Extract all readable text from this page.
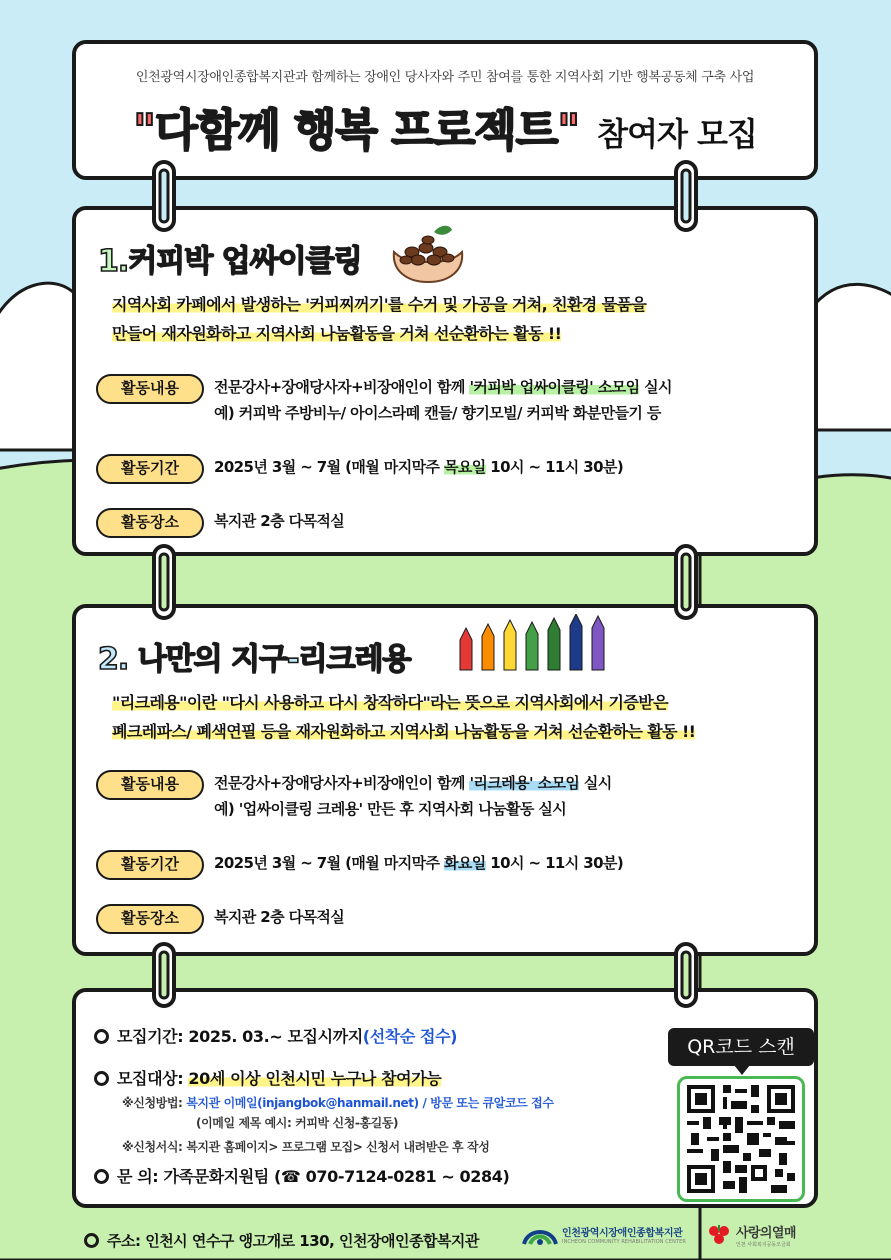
인천광역시장애인종합복지관과 함께하는 장애인 당사자와 주민 참여를 통한 지역사회 기반 행복공동체 구축 사업
"다함께 행복 프로젝트" 참여자 모집
1.커피박 업싸이클링
지역사회 카페에서 발생하는 '커피찌꺼기'를 수거 및 가공을 거쳐, 친환경 물품을
만들어 재자원화하고 지역사회 나눔활동을 거쳐 선순환하는 활동 !!
활동내용	전문강사+장애당사자+비장애인이 함께 '커피박 업싸이클링' 소모임 실시
예) 커피박 주방비누/ 아이스라떼 캔들/ 향기모빌/ 커피박 화분만들기 등
활동기간	2025년 3월 ~ 7월 (매월 마지막주 목요일 10시 ~ 11시 30분)
활동장소	복지관 2층 다목적실
2. 나만의 지구-리크레용
"리크레용"이란 "다시 사용하고 다시 창작하다"라는 뜻으로 지역사회에서 기증받은
폐크레파스/ 폐색연필 등을 재자원화하고 지역사회 나눔활동을 거쳐 선순환하는 활동 !!
활동내용	전문강사+장애당사자+비장애인이 함께 '리크레용' 소모임 실시
예) '업싸이클링 크레용' 만든 후 지역사회 나눔활동 실시
활동기간	2025년 3월 ~ 7월 (매월 마지막주 화요일 10시 ~ 11시 30분)
활동장소	복지관 2층 다목적실
모집기간: 2025. 03.~ 모집시까지(선착순 접수)
모집대상: 20세 이상 인천시민 누구나 참여가능
※신청방법: 복지관 이메일(injangbok@hanmail.net) / 방문 또는 큐알코드 접수
(이메일 제목 예시: 커피박 신청-홍길동)
※신청서식: 복지관 홈페이지> 프로그램 모집> 신청서 내려받은 후 작성
문 의: 가족문화지원팀 (☎ 070-7124-0281 ~ 0284)
QR코드 스캔
주소: 인천시 연수구 앵고개로 130, 인천장애인종합복지관	인천광역시장애인종합복지관
INCHEON COMMUNITY REHABILITATION CENTER
사랑의열매
인천 사회복지공동모금회
